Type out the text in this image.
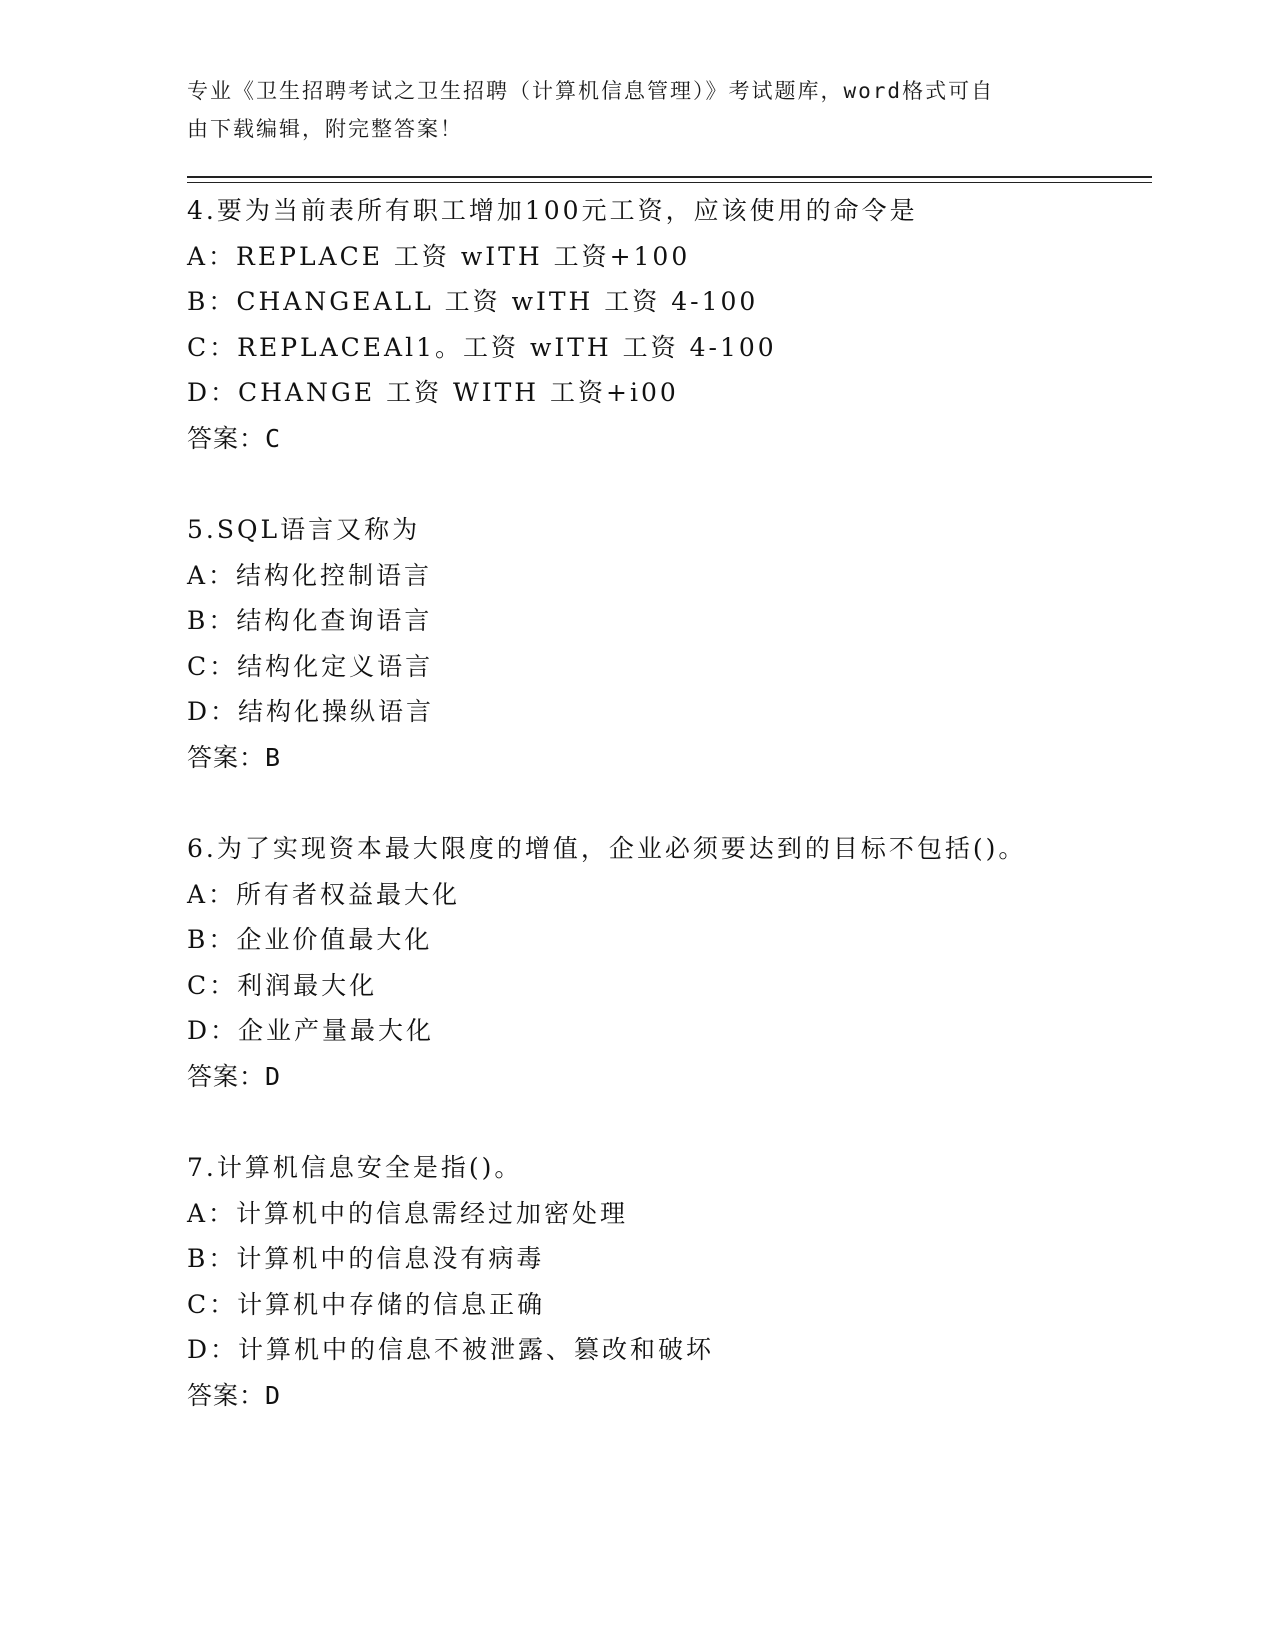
专业《卫生招聘考试之卫生招聘（计算机信息管理）》考试题库，word格式可自
由下载编辑，附完整答案！
4.要为当前表所有职工增加100元工资，应该使用的命令是
A：REPLACE 工资 wITH 工资+100
B：CHANGEALL 工资 wITH 工资 4-100
C：REPLACEAl1。工资 wITH 工资 4-100
D：CHANGE 工资 WITH 工资+i00
答案：C
5.SQL语言又称为
A：结构化控制语言
B：结构化查询语言
C：结构化定义语言
D：结构化操纵语言
答案：B
6.为了实现资本最大限度的增值，企业必须要达到的目标不包括()。
A：所有者权益最大化
B：企业价值最大化
C：利润最大化
D：企业产量最大化
答案：D
7.计算机信息安全是指()。
A：计算机中的信息需经过加密处理
B：计算机中的信息没有病毒
C：计算机中存储的信息正确
D：计算机中的信息不被泄露、篡改和破坏
答案：D
